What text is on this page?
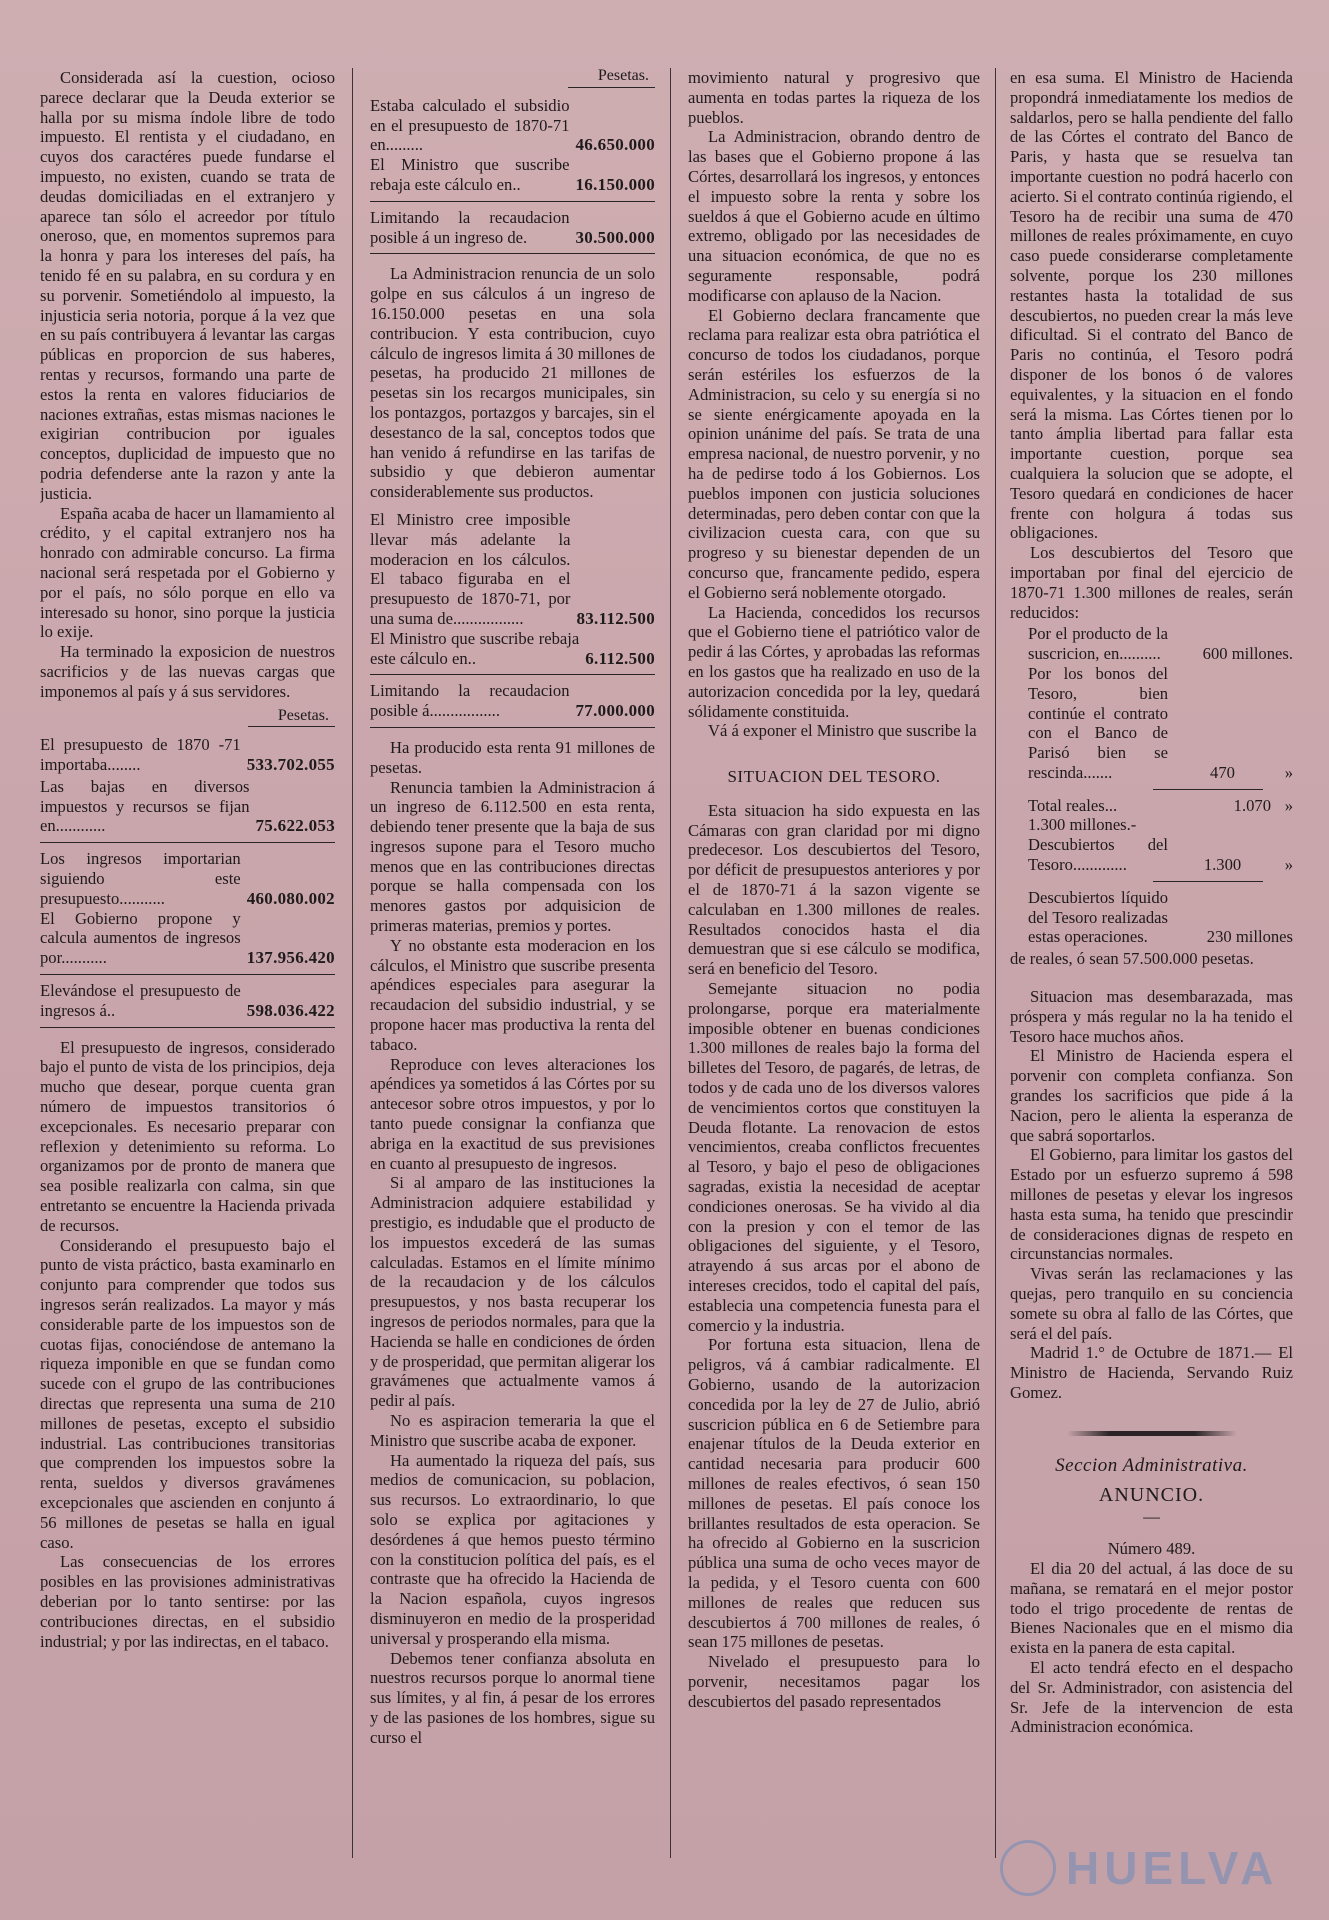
Considerada así la cuestion, ocioso parece declarar que la Deuda exterior se halla por su misma índole libre de todo impuesto. El rentista y el ciudadano, en cuyos dos caractéres puede fundarse el impuesto, no existen, cuando se trata de deudas domiciliadas en el extranjero y aparece tan sólo el acreedor por título oneroso, que, en momentos supremos para la honra y para los intereses del país, ha tenido fé en su palabra, en su cordura y en su porvenir. Sometiéndolo al impuesto, la injusticia seria notoria, porque á la vez que en su país contribuyera á levantar las cargas públicas en proporcion de sus haberes, rentas y recursos, formando una parte de estos la renta en valores fiduciarios de naciones extrañas, estas mismas naciones le exigirian contribucion por iguales conceptos, duplicidad de impuesto que no podria defenderse ante la razon y ante la justicia.

España acaba de hacer un llamamiento al crédito, y el capital extranjero nos ha honrado con admirable concurso. La firma nacional será respetada por el Gobierno y por el país, no sólo porque en ello va interesado su honor, sino porque la justicia lo exije.

Ha terminado la exposicion de nuestros sacrificios y de las nuevas cargas que imponemos al país y á sus servidores.

Pesetas.
El presupuesto de 1870 -71 importaba........	533.702.055
Las bajas en diversos impuestos y recursos se fijan en............	75.622.053
Los ingresos importarian siguiendo este presupuesto...........	460.080.002
El Gobierno propone y calcula aumentos de ingresos por...........	137.956.420
Elevándose el presupuesto de ingresos á..	598.036.422

El presupuesto de ingresos, considerado bajo el punto de vista de los principios, deja mucho que desear, porque cuenta gran número de impuestos transitorios ó excepcionales. Es necesario preparar con reflexion y detenimiento su reforma. Lo organizamos por de pronto de manera que sea posible realizarla con calma, sin que entretanto se encuentre la Hacienda privada de recursos.

Considerando el presupuesto bajo el punto de vista práctico, basta examinarlo en conjunto para comprender que todos sus ingresos serán realizados. La mayor y más considerable parte de los impuestos son de cuotas fijas, conociéndose de antemano la riqueza imponible en que se fundan como sucede con el grupo de las contribuciones directas que representa una suma de 210 millones de pesetas, excepto el subsidio industrial. Las contribuciones transitorias que comprenden los impuestos sobre la renta, sueldos y diversos gravámenes excepcionales que ascienden en conjunto á 56 millones de pesetas se halla en igual caso.

Las consecuencias de los errores posibles en las provisiones administrativas deberian por lo tanto sentirse: por las contribuciones directas, en el subsidio industrial; y por las indirectas, en el tabaco.

Pesetas.
Estaba calculado el subsidio en el presupuesto de 1870-71 en.........	46.650.000
El Ministro que suscribe rebaja este cálculo en..	16.150.000
Limitando la recaudacion posible á un ingreso de.	30.500.000

La Administracion renuncia de un solo golpe en sus cálculos á un ingreso de 16.150.000 pesetas en una sola contribucion. Y esta contribucion, cuyo cálculo de ingresos limita á 30 millones de pesetas, ha producido 21 millones de pesetas sin los recargos municipales, sin los pontazgos, portazgos y barcajes, sin el desestanco de la sal, conceptos todos que han venido á refundirse en las tarifas de subsidio y que debieron aumentar considerablemente sus productos.

El Ministro cree imposible llevar más adelante la moderacion en los cálculos. El tabaco figuraba en el presupuesto de 1870-71, por una suma de.................	83.112.500
El Ministro que suscribe rebaja este cálculo en..	6.112.500
Limitando la recaudacion posible á.................	77.000.000

Ha producido esta renta 91 millones de pesetas.

Renuncia tambien la Administracion á un ingreso de 6.112.500 en esta renta, debiendo tener presente que la baja de sus ingresos supone para el Tesoro mucho menos que en las contribuciones directas porque se halla compensada con los menores gastos por adquisicion de primeras materias, premios y portes.

Y no obstante esta moderacion en los cálculos, el Ministro que suscribe presenta apéndices especiales para asegurar la recaudacion del subsidio industrial, y se propone hacer mas productiva la renta del tabaco.

Reproduce con leves alteraciones los apéndices ya sometidos á las Córtes por su antecesor sobre otros impuestos, y por lo tanto puede consignar la confianza que abriga en la exactitud de sus previsiones en cuanto al presupuesto de ingresos.

Si al amparo de las instituciones la Administracion adquiere estabilidad y prestigio, es indudable que el producto de los impuestos excederá de las sumas calculadas. Estamos en el límite mínimo de la recaudacion y de los cálculos presupuestos, y nos basta recuperar los ingresos de periodos normales, para que la Hacienda se halle en condiciones de órden y de prosperidad, que permitan aligerar los gravámenes que actualmente vamos á pedir al país.

No es aspiracion temeraria la que el Ministro que suscribe acaba de exponer.

Ha aumentado la riqueza del país, sus medios de comunicacion, su poblacion, sus recursos. Lo extraordinario, lo que solo se explica por agitaciones y desórdenes á que hemos puesto término con la constitucion política del país, es el contraste que ha ofrecido la Hacienda de la Nacion española, cuyos ingresos disminuyeron en medio de la prosperidad universal y prosperando ella misma.

Debemos tener confianza absoluta en nuestros recursos porque lo anormal tiene sus límites, y al fin, á pesar de los errores y de las pasiones de los hombres, sigue su curso el

movimiento natural y progresivo que aumenta en todas partes la riqueza de los pueblos.

La Administracion, obrando dentro de las bases que el Gobierno propone á las Córtes, desarrollará los ingresos, y entonces el impuesto sobre la renta y sobre los sueldos á que el Gobierno acude en último extremo, obligado por las necesidades de una situacion económica, de que no es seguramente responsable, podrá modificarse con aplauso de la Nacion.

El Gobierno declara francamente que reclama para realizar esta obra patriótica el concurso de todos los ciudadanos, porque serán estériles los esfuerzos de la Administracion, su celo y su energía si no se siente enérgicamente apoyada en la opinion unánime del país. Se trata de una empresa nacional, de nuestro porvenir, y no ha de pedirse todo á los Gobiernos. Los pueblos imponen con justicia soluciones determinadas, pero deben contar con que la civilizacion cuesta cara, con que su progreso y su bienestar dependen de un concurso que, francamente pedido, espera el Gobierno será noblemente otorgado.

La Hacienda, concedidos los recursos que el Gobierno tiene el patriótico valor de pedir á las Córtes, y aprobadas las reformas en los gastos que ha realizado en uso de la autorizacion concedida por la ley, quedará sólidamente constituida.

Vá á exponer el Ministro que suscribe la

SITUACION DEL TESORO.

Esta situacion ha sido expuesta en las Cámaras con gran claridad por mi digno predecesor. Los descubiertos del Tesoro, por déficit de presupuestos anteriores y por el de 1870-71 á la sazon vigente se calculaban en 1.300 millones de reales. Resultados conocidos hasta el dia demuestran que si ese cálculo se modifica, será en beneficio del Tesoro.

Semejante situacion no podia prolongarse, porque era materialmente imposible obtener en buenas condiciones 1.300 millones de reales bajo la forma del billetes del Tesoro, de pagarés, de letras, de todos y de cada uno de los diversos valores de vencimientos cortos que constituyen la Deuda flotante. La renovacion de estos vencimientos, creaba conflictos frecuentes al Tesoro, y bajo el peso de obligaciones sagradas, existia la necesidad de aceptar condiciones onerosas. Se ha vivido al dia con la presion y con el temor de las obligaciones del siguiente, y el Tesoro, atrayendo á sus arcas por el abono de intereses crecidos, todo el capital del país, establecia una competencia funesta para el comercio y la industria.

Por fortuna esta situacion, llena de peligros, vá á cambiar radicalmente. El Gobierno, usando de la autorizacion concedida por la ley de 27 de Julio, abrió suscricion pública en 6 de Setiembre para enajenar títulos de la Deuda exterior en cantidad necesaria para producir 600 millones de reales efectivos, ó sean 150 millones de pesetas. El país conoce los brillantes resultados de esta operacion. Se ha ofrecido al Gobierno en la suscricion pública una suma de ocho veces mayor de la pedida, y el Tesoro cuenta con 600 millones de reales que reducen sus descubiertos á 700 millones de reales, ó sean 175 millones de pesetas.

Nivelado el presupuesto para lo porvenir, necesitamos pagar los descubiertos del pasado representados

en esa suma. El Ministro de Hacienda propondrá inmediatamente los medios de saldarlos, pero se halla pendiente del fallo de las Córtes el contrato del Banco de Paris, y hasta que se resuelva tan importante cuestion no podrá hacerlo con acierto. Si el contrato continúa rigiendo, el Tesoro ha de recibir una suma de 470 millones de reales próximamente, en cuyo caso puede considerarse completamente solvente, porque los 230 millones restantes hasta la totalidad de sus descubiertos, no pueden crear la más leve dificultad. Si el contrato del Banco de Paris no continúa, el Tesoro podrá disponer de los bonos ó de valores equivalentes, y la situacion en el fondo será la misma. Las Córtes tienen por lo tanto ámplia libertad para fallar esta importante cuestion, porque sea cualquiera la solucion que se adopte, el Tesoro quedará en condiciones de hacer frente con holgura á todas sus obligaciones.

Los descubiertos del Tesoro que importaban por final del ejercicio de 1870-71 1.300 millones de reales, serán reducidos:

Por el producto de la suscricion, en..........	600 millones.
Por los bonos del Tesoro, bien continúe el contrato con el Banco de Parisó bien se rescinda.......	470	»
Total reales...	1.070 »
1.300 millones.-
Descubiertos del Tesoro.............	1.300	»
Descubiertos líquido del Tesoro realizadas estas operaciones.	230 millones
de reales, ó sean 57.500.000 pesetas.

Situacion mas desembarazada, mas próspera y más regular no la ha tenido el Tesoro hace muchos años.

El Ministro de Hacienda espera el porvenir con completa confianza. Son grandes los sacrificios que pide á la Nacion, pero le alienta la esperanza de que sabrá soportarlos.

El Gobierno, para limitar los gastos del Estado por un esfuerzo supremo á 598 millones de pesetas y elevar los ingresos hasta esta suma, ha tenido que prescindir de consideraciones dignas de respeto en circunstancias normales.

Vivas serán las reclamaciones y las quejas, pero tranquilo en su conciencia somete su obra al fallo de las Córtes, que será el del país.

Madrid 1.° de Octubre de 1871.— El Ministro de Hacienda, Servando Ruiz Gomez.

Seccion Administrativa.
ANUNCIO.
—
Número 489.

El dia 20 del actual, á las doce de su mañana, se rematará en el mejor postor todo el trigo procedente de rentas de Bienes Nacionales que en el mismo dia exista en la panera de esta capital.

El acto tendrá efecto en el despacho del Sr. Administrador, con asistencia del Sr. Jefe de la intervencion de esta Administracion económica.

HUELVA
